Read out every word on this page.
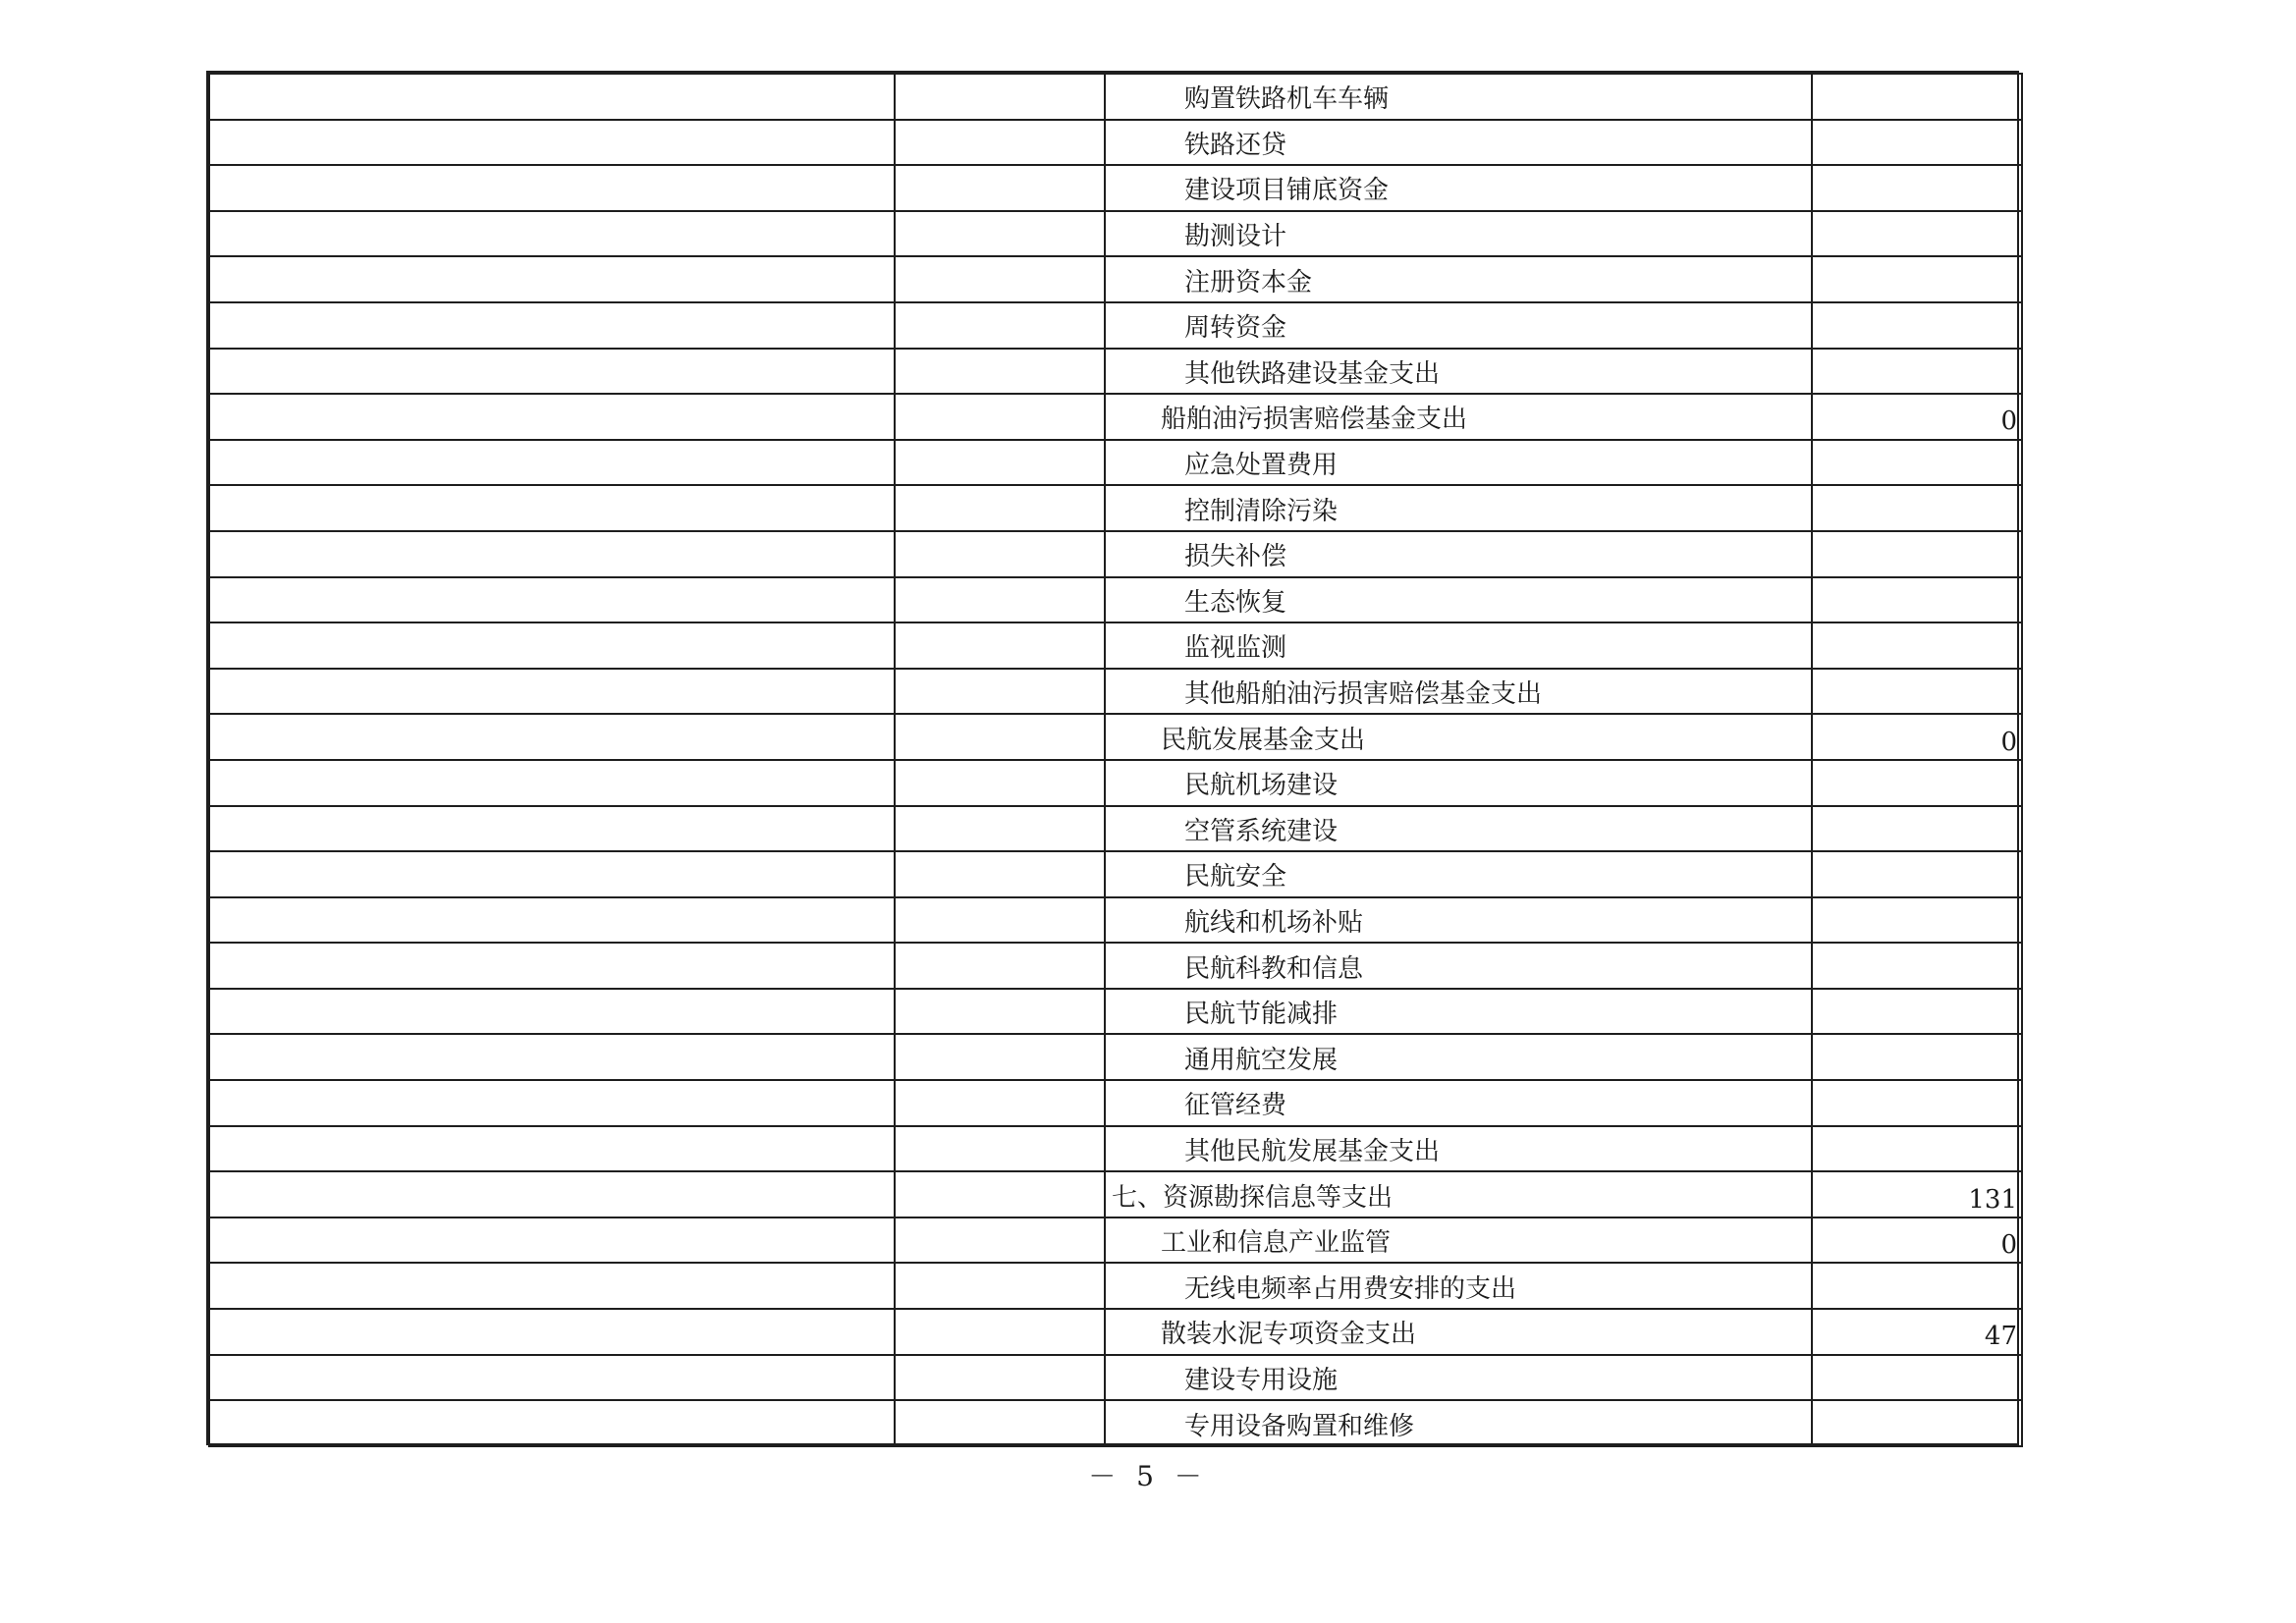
		购置铁路机车车辆	
		铁路还贷	
		建设项目铺底资金	
		勘测设计	
		注册资本金	
		周转资金	
		其他铁路建设基金支出	
		船舶油污损害赔偿基金支出	0
		应急处置费用	
		控制清除污染	
		损失补偿	
		生态恢复	
		监视监测	
		其他船舶油污损害赔偿基金支出	
		民航发展基金支出	0
		民航机场建设	
		空管系统建设	
		民航安全	
		航线和机场补贴	
		民航科教和信息	
		民航节能减排	
		通用航空发展	
		征管经费	
		其他民航发展基金支出	
		七、资源勘探信息等支出	131
		工业和信息产业监管	0
		无线电频率占用费安排的支出	
		散装水泥专项资金支出	47
		建设专用设施	
		专用设备购置和维修	
－ 5 －
